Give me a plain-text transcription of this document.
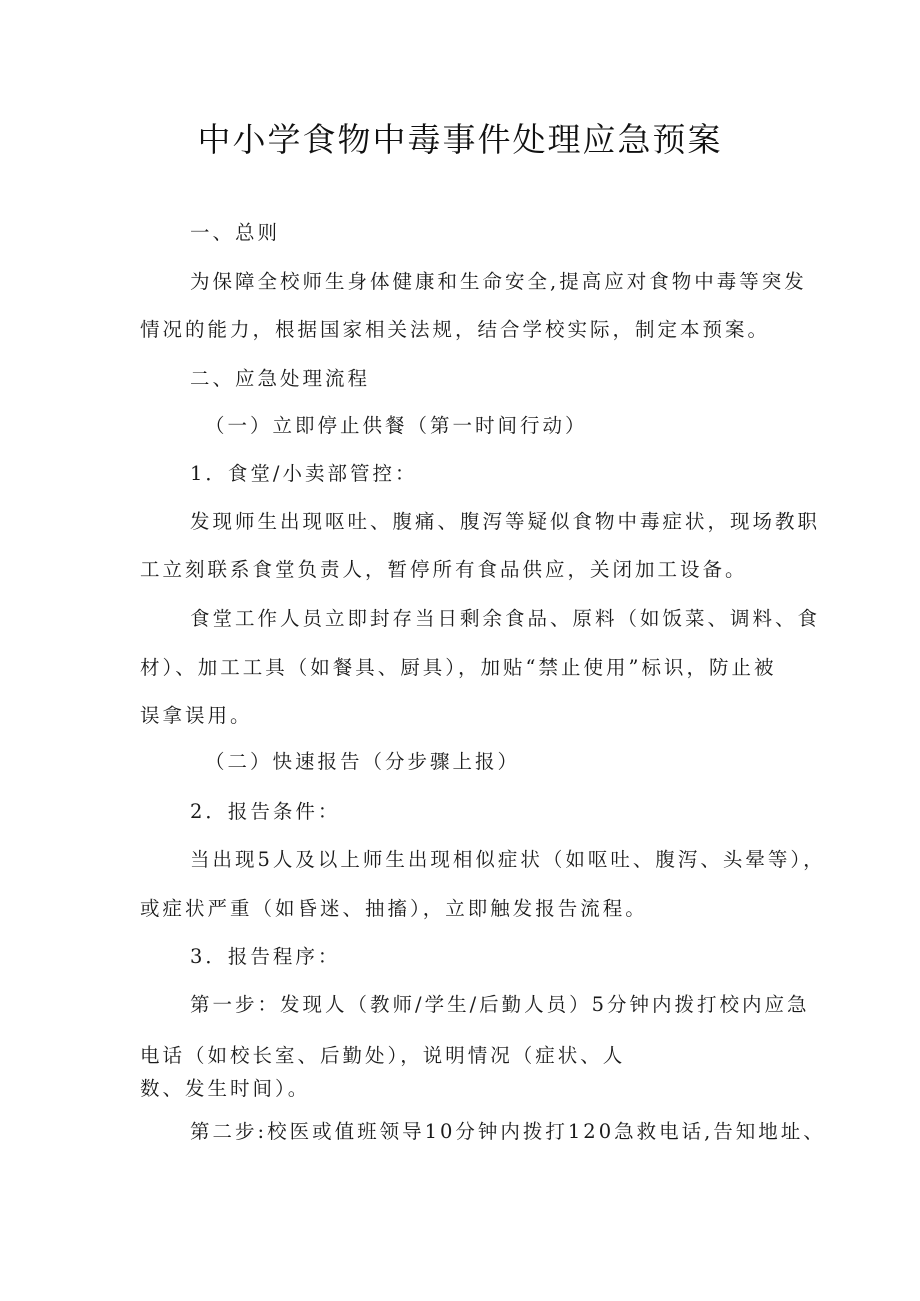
中小学食物中毒事件处理应急预案
一、总则
为保障全校师生身体健康和生命安全,提高应对食物中毒等突发
情况的能力，根据国家相关法规，结合学校实际，制定本预案。
二、应急处理流程
（一）立即停止供餐（第一时间行动）
1．食堂/小卖部管控：
发现师生出现呕吐、腹痛、腹泻等疑似食物中毒症状，现场教职
工立刻联系食堂负责人，暂停所有食品供应，关闭加工设备。
食堂工作人员立即封存当日剩余食品、原料（如饭菜、调料、食
材）、加工工具（如餐具、厨具），加贴“禁止使用”标识，防止被
误拿误用。
（二）快速报告（分步骤上报）
2．报告条件：
当出现5人及以上师生出现相似症状（如呕吐、腹泻、头晕等），
或症状严重（如昏迷、抽搐），立即触发报告流程。
3．报告程序：
第一步：发现人（教师/学生/后勤人员）5分钟内拨打校内应急
电话（如校长室、后勤处），说明情况（症状、人
数、发生时间）。
第二步:校医或值班领导10分钟内拨打120急救电话,告知地址、
